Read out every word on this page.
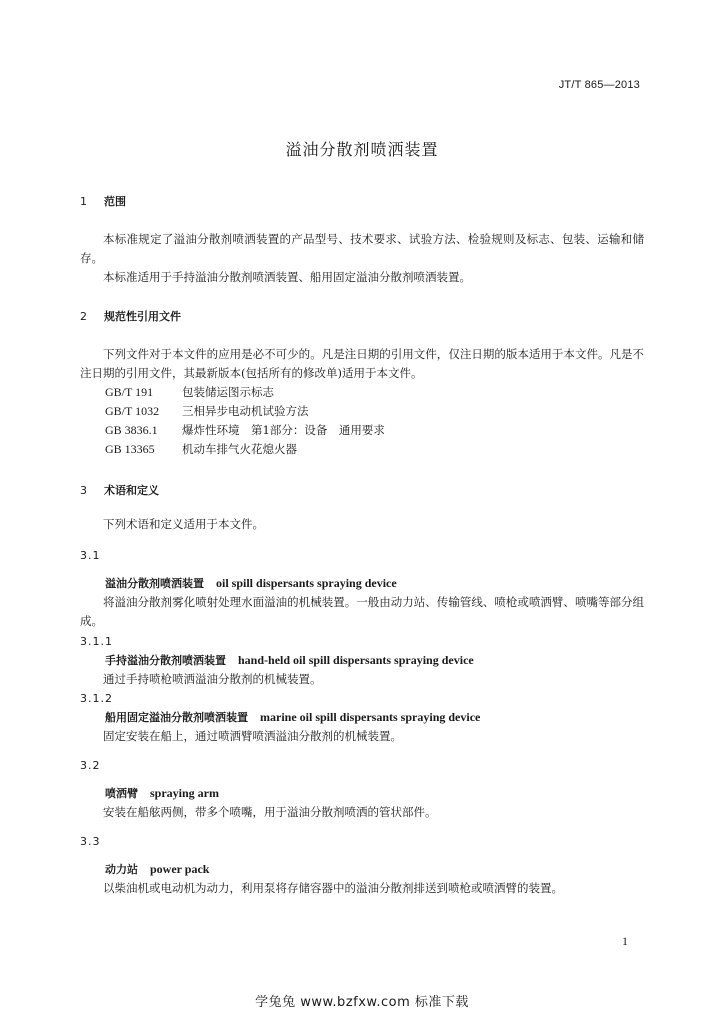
JT/T 865—2013
溢油分散剂喷洒装置
1 范围
本标准规定了溢油分散剂喷洒装置的产品型号、技术要求、试验方法、检验规则及标志、包装、运输和储存。
本标准适用于手持溢油分散剂喷洒装置、船用固定溢油分散剂喷洒装置。
2 规范性引用文件
下列文件对于本文件的应用是必不可少的。凡是注日期的引用文件，仅注日期的版本适用于本文件。凡是不注日期的引用文件，其最新版本(包括所有的修改单)适用于本文件。
GB/T 191	包装储运图示标志
GB/T 1032	三相异步电动机试验方法
GB 3836.1	爆炸性环境　第1部分：设备　通用要求
GB 13365	机动车排气火花熄火器
3 术语和定义
下列术语和定义适用于本文件。
3.1
溢油分散剂喷洒装置 oil spill dispersants spraying device
将溢油分散剂雾化喷射处理水面溢油的机械装置。一般由动力站、传输管线、喷枪或喷洒臂、喷嘴等部分组成。
3.1.1
手持溢油分散剂喷洒装置 hand-held oil spill dispersants spraying device
通过手持喷枪喷洒溢油分散剂的机械装置。
3.1.2
船用固定溢油分散剂喷洒装置 marine oil spill dispersants spraying device
固定安装在船上，通过喷洒臂喷洒溢油分散剂的机械装置。
3.2
喷洒臂 spraying arm
安装在船舷两侧，带多个喷嘴，用于溢油分散剂喷洒的管状部件。
3.3
动力站 power pack
以柴油机或电动机为动力，利用泵将存储容器中的溢油分散剂排送到喷枪或喷洒臂的装置。
1
学兔兔 www.bzfxw.com 标准下载
